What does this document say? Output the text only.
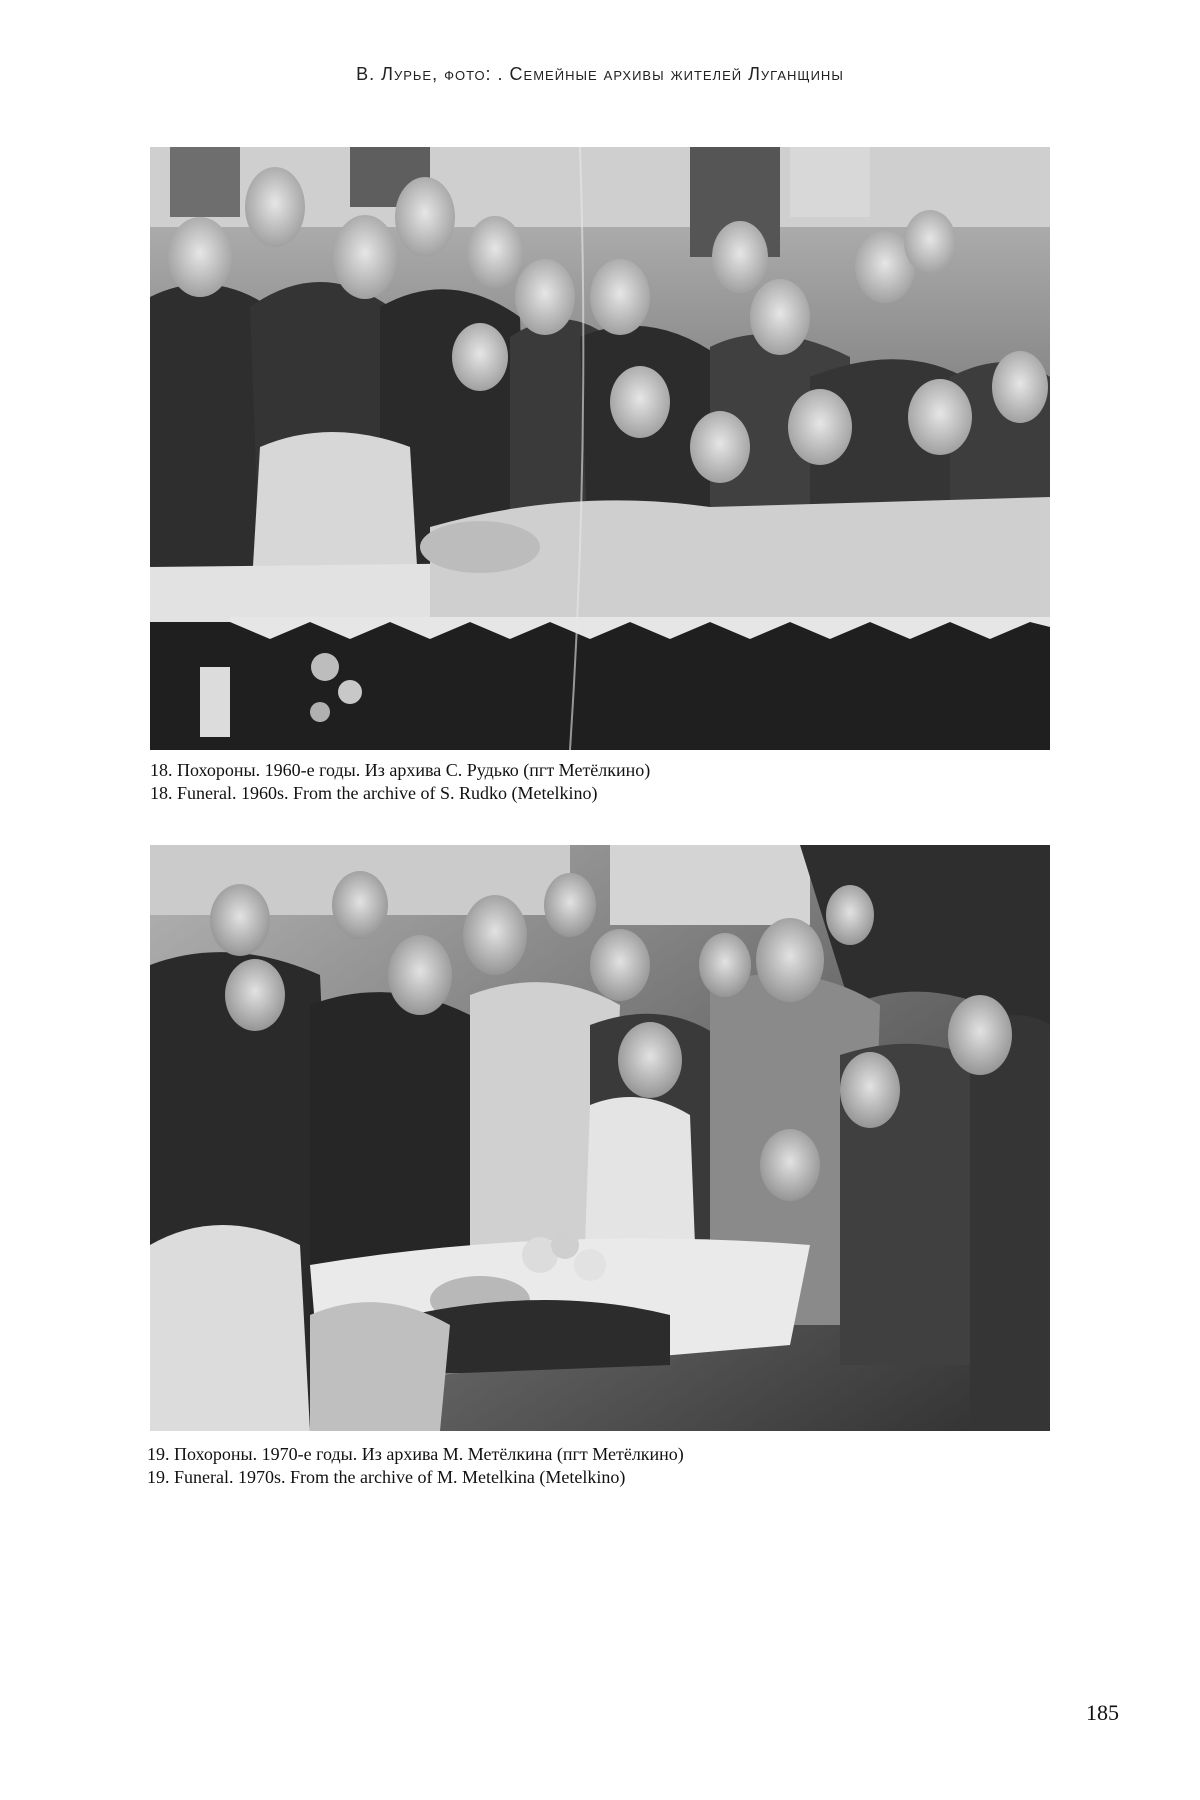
В. Лурье, фото: . Семейные архивы жителей Луганщины
18. Похороны. 1960-е годы. Из архива С. Рудько (пгт Метёлкино)
18. Funeral. 1960s. From the archive of S. Rudko (Metelkino)
19. Похороны. 1970-е годы. Из архива М. Метёлкина (пгт Метёлкино)
19. Funeral. 1970s. From the archive of M. Metelkina (Metelkino)
185
